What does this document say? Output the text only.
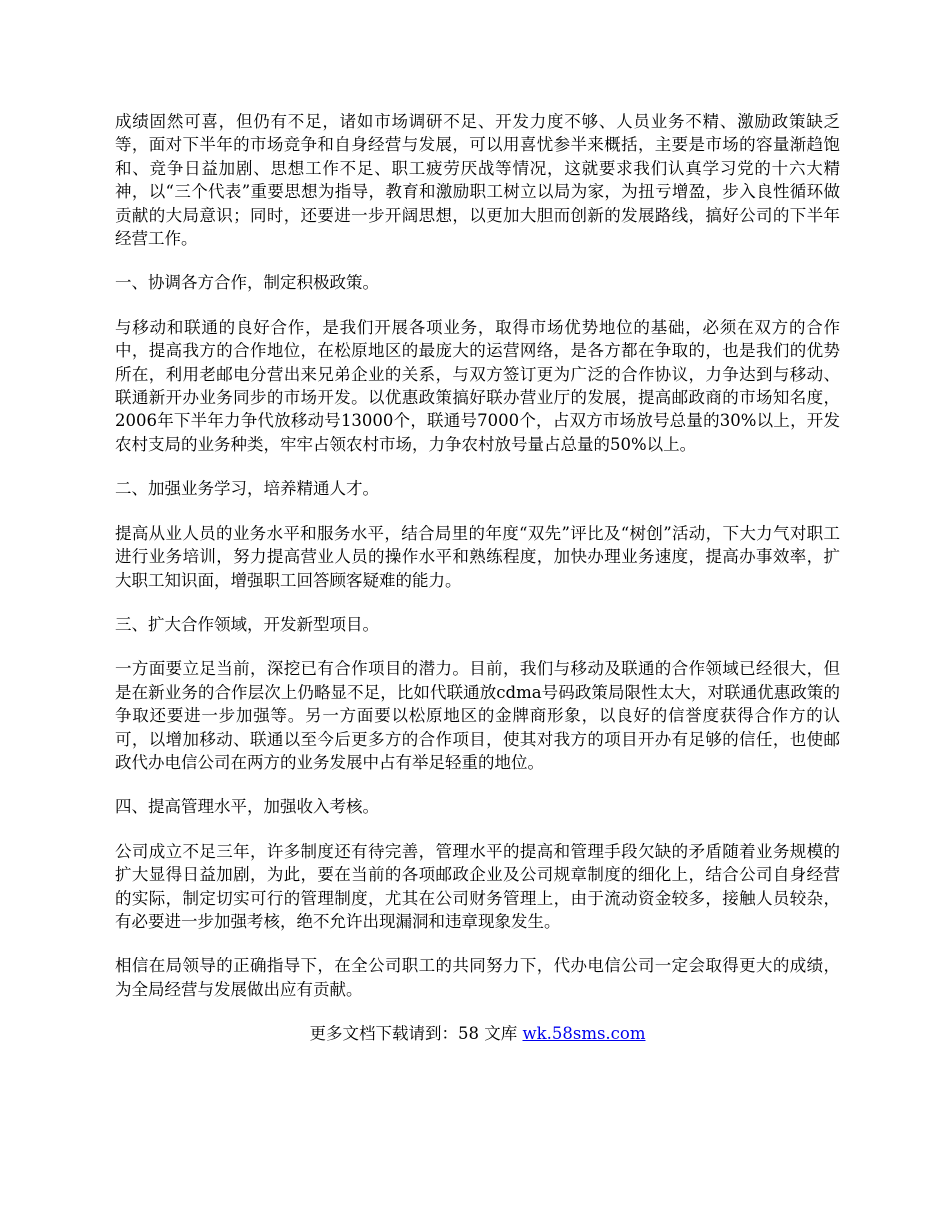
成绩固然可喜，但仍有不足，诸如市场调研不足、开发力度不够、人员业务不精、激励政策缺乏等，面对下半年的市场竞争和自身经营与发展，可以用喜忧参半来概括，主要是市场的容量渐趋饱和、竞争日益加剧、思想工作不足、职工疲劳厌战等情况，这就要求我们认真学习党的十六大精神，以“三个代表”重要思想为指导，教育和激励职工树立以局为家，为扭亏增盈，步入良性循环做贡献的大局意识；同时，还要进一步开阔思想，以更加大胆而创新的发展路线，搞好公司的下半年经营工作。

一、协调各方合作，制定积极政策。

与移动和联通的良好合作，是我们开展各项业务，取得市场优势地位的基础，必须在双方的合作中，提高我方的合作地位，在松原地区的最庞大的运营网络，是各方都在争取的，也是我们的优势所在，利用老邮电分营出来兄弟企业的关系，与双方签订更为广泛的合作协议，力争达到与移动、联通新开办业务同步的市场开发。以优惠政策搞好联办营业厅的发展，提高邮政商的市场知名度，2006年下半年力争代放移动号13000个，联通号7000个，占双方市场放号总量的30%以上，开发农村支局的业务种类，牢牢占领农村市场，力争农村放号量占总量的50%以上。

二、加强业务学习，培养精通人才。

提高从业人员的业务水平和服务水平，结合局里的年度“双先”评比及“树创”活动，下大力气对职工进行业务培训，努力提高营业人员的操作水平和熟练程度，加快办理业务速度，提高办事效率，扩大职工知识面，增强职工回答顾客疑难的能力。

三、扩大合作领域，开发新型项目。

一方面要立足当前，深挖已有合作项目的潜力。目前，我们与移动及联通的合作领域已经很大，但是在新业务的合作层次上仍略显不足，比如代联通放cdma号码政策局限性太大，对联通优惠政策的争取还要进一步加强等。另一方面要以松原地区的金牌商形象，以良好的信誉度获得合作方的认可，以增加移动、联通以至今后更多方的合作项目，使其对我方的项目开办有足够的信任，也使邮政代办电信公司在两方的业务发展中占有举足轻重的地位。

四、提高管理水平，加强收入考核。

公司成立不足三年，许多制度还有待完善，管理水平的提高和管理手段欠缺的矛盾随着业务规模的扩大显得日益加剧，为此，要在当前的各项邮政企业及公司规章制度的细化上，结合公司自身经营的实际，制定切实可行的管理制度，尤其在公司财务管理上，由于流动资金较多，接触人员较杂，有必要进一步加强考核，绝不允许出现漏洞和违章现象发生。

相信在局领导的正确指导下，在全公司职工的共同努力下，代办电信公司一定会取得更大的成绩，为全局经营与发展做出应有贡献。

更多文档下载请到：58 文库 wk.58sms.com
